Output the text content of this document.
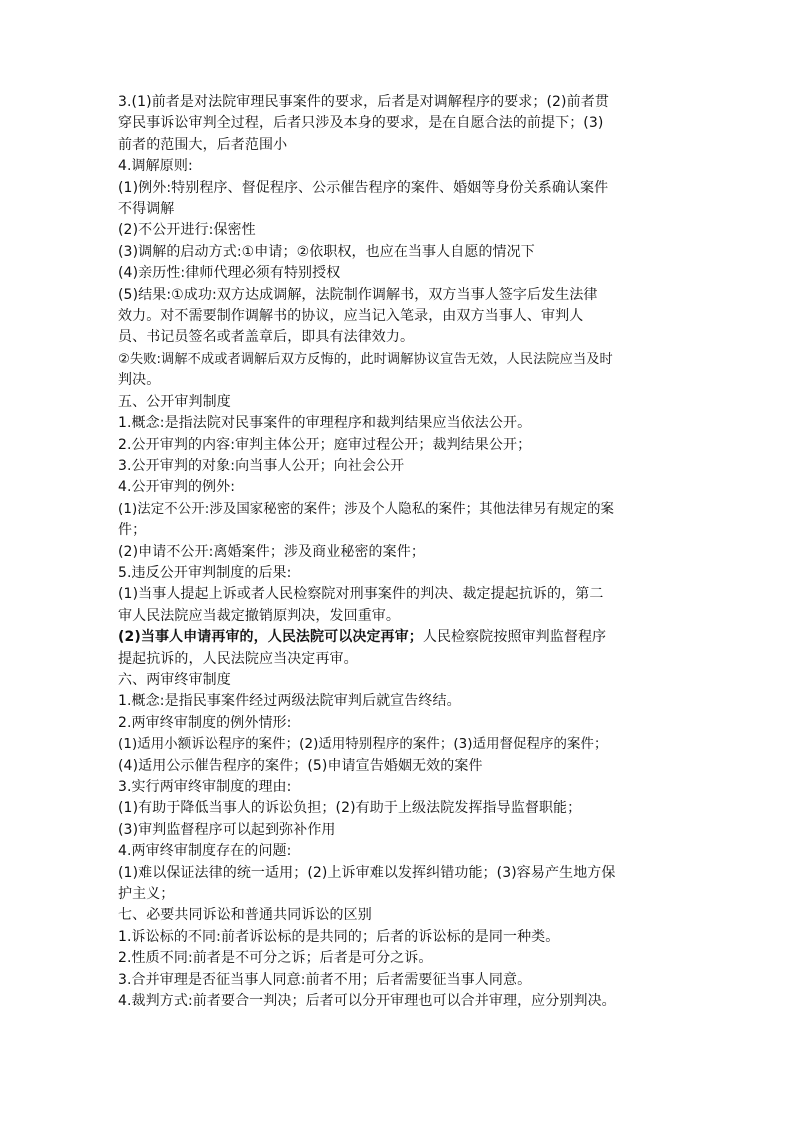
3.(1)前者是对法院审理民事案件的要求，后者是对调解程序的要求；(2)前者贯
穿民事诉讼审判全过程，后者只涉及本身的要求，是在自愿合法的前提下；(3)
前者的范围大，后者范围小
4.调解原则:
(1)例外:特别程序、督促程序、公示催告程序的案件、婚姻等身份关系确认案件
不得调解
(2)不公开进行:保密性
(3)调解的启动方式:①申请；②依职权，也应在当事人自愿的情况下
(4)亲历性:律师代理必须有特别授权
(5)结果:①成功:双方达成调解，法院制作调解书，双方当事人签字后发生法律
效力。对不需要制作调解书的协议，应当记入笔录，由双方当事人、审判人
员、书记员签名或者盖章后，即具有法律效力。
②失败:调解不成或者调解后双方反悔的，此时调解协议宣告无效，人民法院应当及时
判决。
五、公开审判制度
1.概念:是指法院对民事案件的审理程序和裁判结果应当依法公开。
2.公开审判的内容:审判主体公开；庭审过程公开；裁判结果公开；
3.公开审判的对象:向当事人公开；向社会公开
4.公开审判的例外:
(1)法定不公开:涉及国家秘密的案件；涉及个人隐私的案件；其他法律另有规定的案
件；
(2)申请不公开:离婚案件；涉及商业秘密的案件；
5.违反公开审判制度的后果:
(1)当事人提起上诉或者人民检察院对刑事案件的判决、裁定提起抗诉的，第二
审人民法院应当裁定撤销原判决，发回重审。
(2)当事人申请再审的，人民法院可以决定再审；人民检察院按照审判监督程序
提起抗诉的，人民法院应当决定再审。
六、两审终审制度
1.概念:是指民事案件经过两级法院审判后就宣告终结。
2.两审终审制度的例外情形:
(1)适用小额诉讼程序的案件；(2)适用特别程序的案件；(3)适用督促程序的案件；
(4)适用公示催告程序的案件；(5)申请宣告婚姻无效的案件
3.实行两审终审制度的理由:
(1)有助于降低当事人的诉讼负担；(2)有助于上级法院发挥指导监督职能；
(3)审判监督程序可以起到弥补作用
4.两审终审制度存在的问题:
(1)难以保证法律的统一适用；(2)上诉审难以发挥纠错功能；(3)容易产生地方保
护主义；
七、必要共同诉讼和普通共同诉讼的区别
1.诉讼标的不同:前者诉讼标的是共同的；后者的诉讼标的是同一种类。
2.性质不同:前者是不可分之诉；后者是可分之诉。
3.合并审理是否征当事人同意:前者不用；后者需要征当事人同意。
4.裁判方式:前者要合一判决；后者可以分开审理也可以合并审理，应分别判决。
